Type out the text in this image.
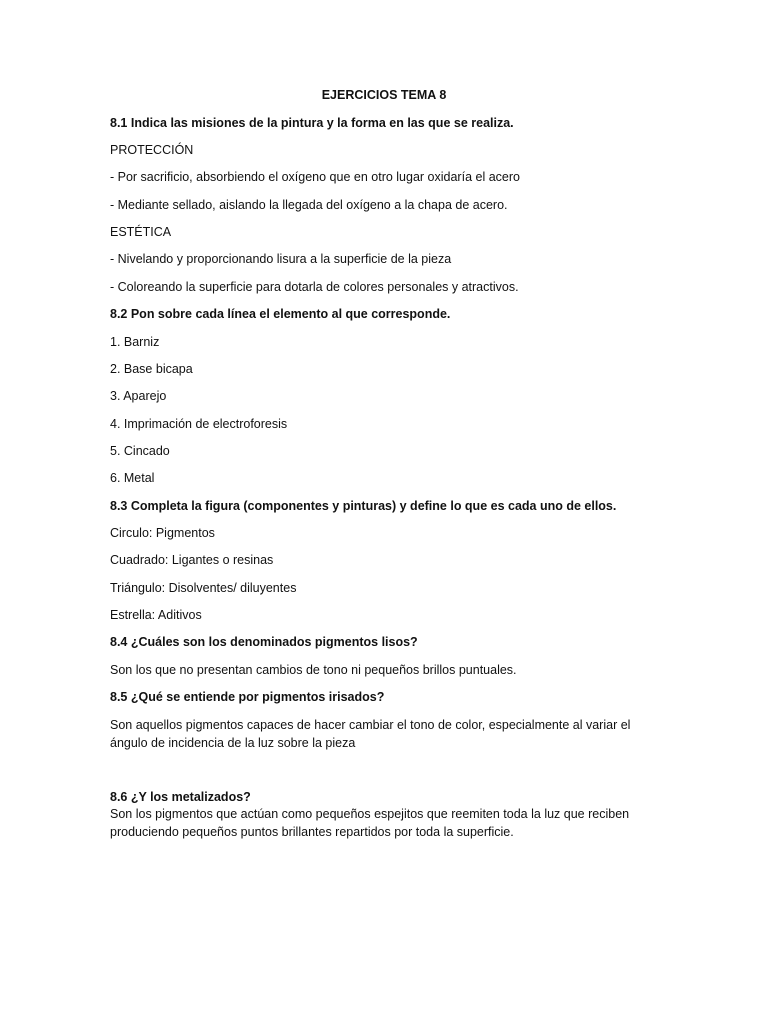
EJERCICIOS TEMA 8
8.1 Indica las misiones de la pintura y la forma en las que se realiza.
PROTECCIÓN
- Por sacrificio, absorbiendo el oxígeno que en otro lugar oxidaría el acero
- Mediante sellado, aislando la llegada del oxígeno a la chapa de acero.
ESTÉTICA
- Nivelando y proporcionando lisura a la superficie de la pieza
- Coloreando la superficie para dotarla de colores personales y atractivos.
8.2 Pon sobre cada línea el elemento al que corresponde.
1. Barniz
2. Base bicapa
3. Aparejo
4. Imprimación de electroforesis
5. Cincado
6. Metal
8.3 Completa la figura (componentes y pinturas) y define lo que es cada uno de ellos.
Circulo: Pigmentos
Cuadrado: Ligantes o resinas
Triángulo: Disolventes/ diluyentes
Estrella: Aditivos
8.4 ¿Cuáles son los denominados pigmentos lisos?
Son los que no presentan cambios de tono ni pequeños brillos puntuales.
8.5 ¿Qué se entiende por pigmentos irisados?
Son aquellos pigmentos capaces de hacer cambiar el tono de color, especialmente al variar el
ángulo de incidencia de la luz sobre la pieza
8.6 ¿Y los metalizados?
Son los pigmentos que actúan como pequeños espejitos que reemiten toda la luz que reciben
produciendo pequeños puntos brillantes repartidos por toda la superficie.
